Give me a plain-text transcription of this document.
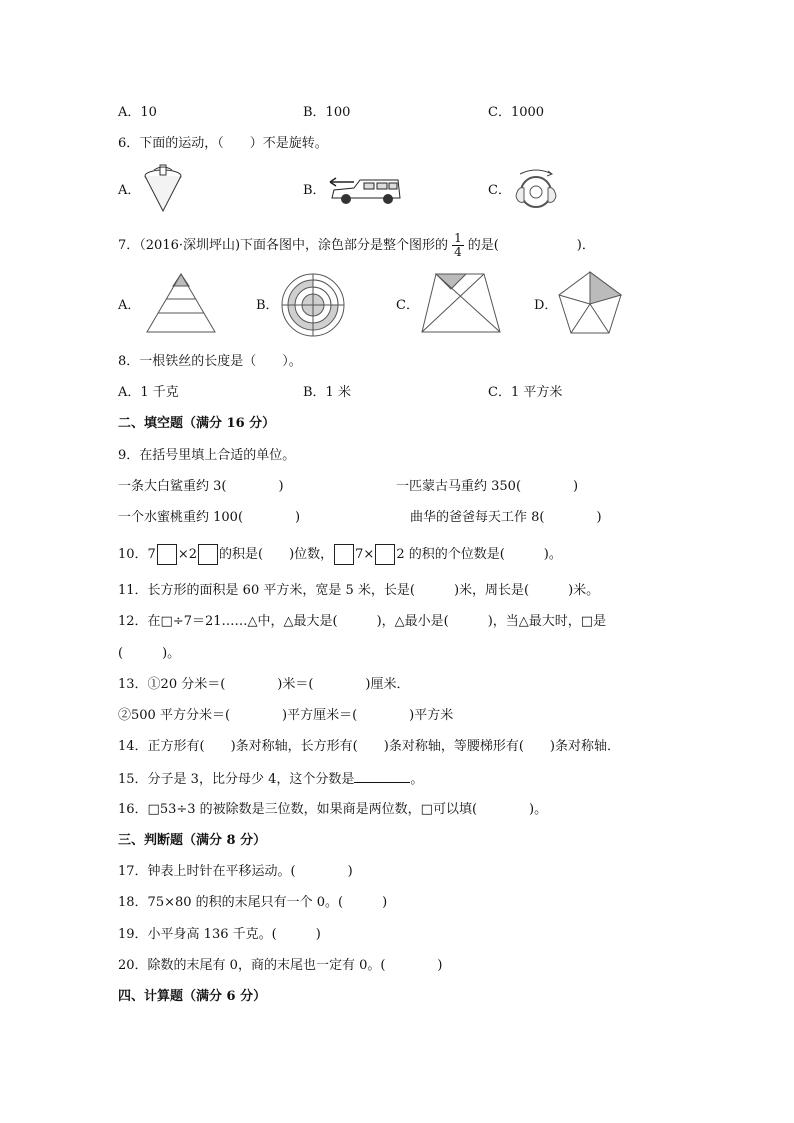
A．10	B．100	C．1000
6．下面的运动，（　　）不是旋转。
A．	B．	C．
7．（2016·深圳坪山)下面各图中，涂色部分是整个图形的 $\frac{1}{4}$ 的是(　　　　　　)．
A．	B．	C．	D．
8．一根铁丝的长度是（　　）。
A．1 千克	B．1 米	C．1 平方米
二、填空题（满分 16 分）
9．在括号里填上合适的单位。
一条大白鲨重约 3(　　　　)	一匹蒙古马重约 350(　　　　)
一个水蜜桃重约 100(　　　　)	曲华的爸爸每天工作 8(　　　　)
10．7 ×2 的积是(　　)位数， 7× 2 的积的个位数是(　　　)。
11．长方形的面积是 60 平方米，宽是 5 米，长是(　　　)米，周长是(　　　)米。
12．在□÷7＝21……△中，△最大是(　　　)，△最小是(　　　)，当△最大时，□是
(　　　)。
13．①20 分米＝(　　　　)米＝(　　　　)厘米．
②500 平方分米＝(　　　　)平方厘米＝(　　　　)平方米
14．正方形有(　　)条对称轴，长方形有(　　)条对称轴，等腰梯形有(　　)条对称轴．
15．分子是 3，比分母少 4，这个分数是	。
16．□53÷3 的被除数是三位数，如果商是两位数，□可以填(　　　　)。
三、判断题（满分 8 分）
17．钟表上时针在平移运动。(　　　　)
18．75×80 的积的末尾只有一个 0。(　　　)
19．小平身高 136 千克。(　　　)
20．除数的末尾有 0，商的末尾也一定有 0。(　　　　)
四、计算题（满分 6 分）
